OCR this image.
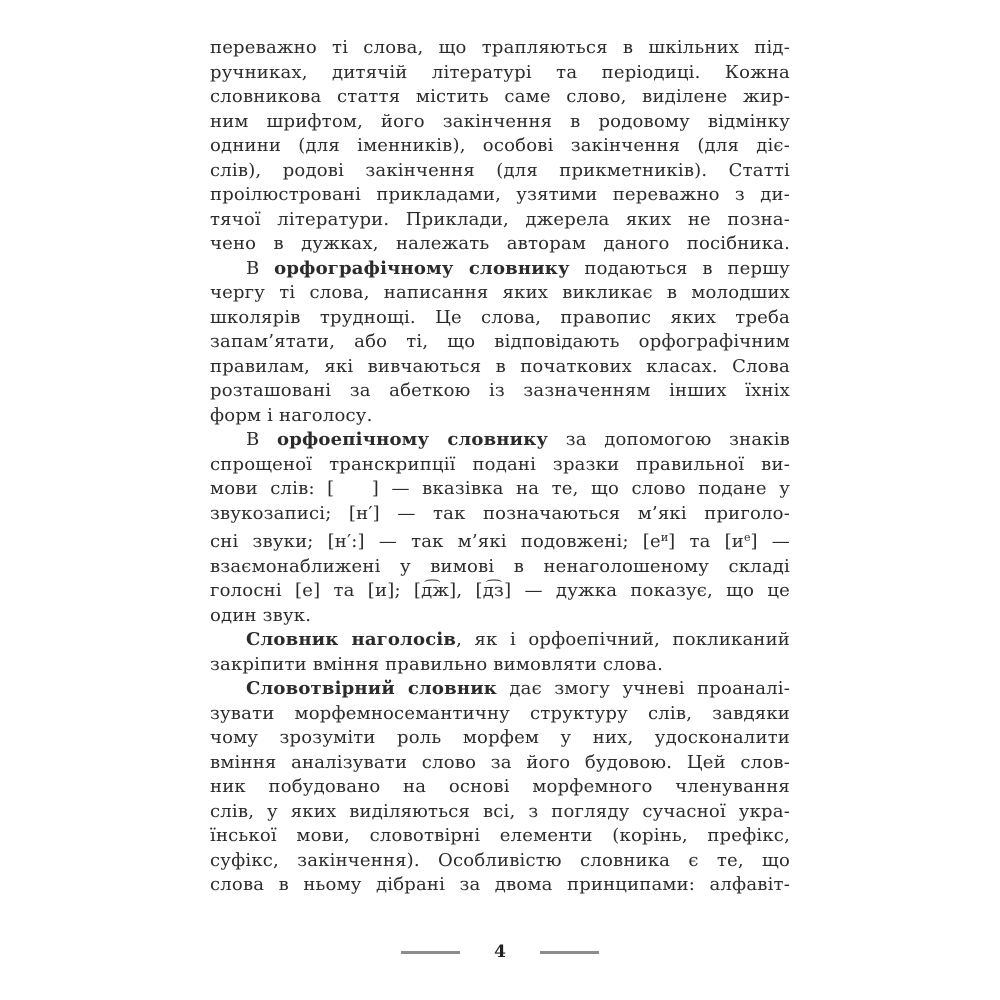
переважно ті слова, що трапляються в шкільних під-
ручниках, дитячій літературі та періодиці. Кожна
словникова стаття містить саме слово, виділене жир-
ним шрифтом, його закінчення в родовому відмінку
однини (для іменників), особові закінчення (для діє-
слів), родові закінчення (для прикметників). Статті
проілюстровані прикладами, узятими переважно з ди-
тячої літератури. Приклади, джерела яких не позна-
чено в дужках, належать авторам даного посібника.
В орфографічному словнику подаються в першу
чергу ті слова, написання яких викликає в молодших
школярів труднощі. Це слова, правопис яких треба
запам’ятати, або ті, що відповідають орфографічним
правилам, які вивчаються в початкових класах. Слова
розташовані за абеткою із зазначенням інших їхніх
форм і наголосу.
В орфоепічному словнику за допомогою знаків
спрощеної транскрипції подані зразки правильної ви-
мови слів: [   ] — вказівка на те, що слово подане у
звукозаписі; [н′] — так позначаються м’які приголо-
сні звуки; [н′:] — так м’які подовжені; $[е^и]$ та $[и^е]$ —
взаємонаближені у вимові в ненаголошеному складі
голосні [е] та [и]; [д͡ж], [д͡з] — дужка показує, що це
один звук.
Словник наголосів, як і орфоепічний, покликаний
закріпити вміння правильно вимовляти слова.
Словотвірний словник дає змогу учневі проаналі-
зувати морфемносемантичну структуру слів, завдяки
чому зрозуміти роль морфем у них, удосконалити
вміння аналізувати слово за його будовою. Цей слов-
ник побудовано на основі морфемного членування
слів, у яких виділяються всі, з погляду сучасної укра-
їнської мови, словотвірні елементи (корінь, префікс,
суфікс, закінчення). Особливістю словника є те, що
слова в ньому дібрані за двома принципами: алфавіт-
4
